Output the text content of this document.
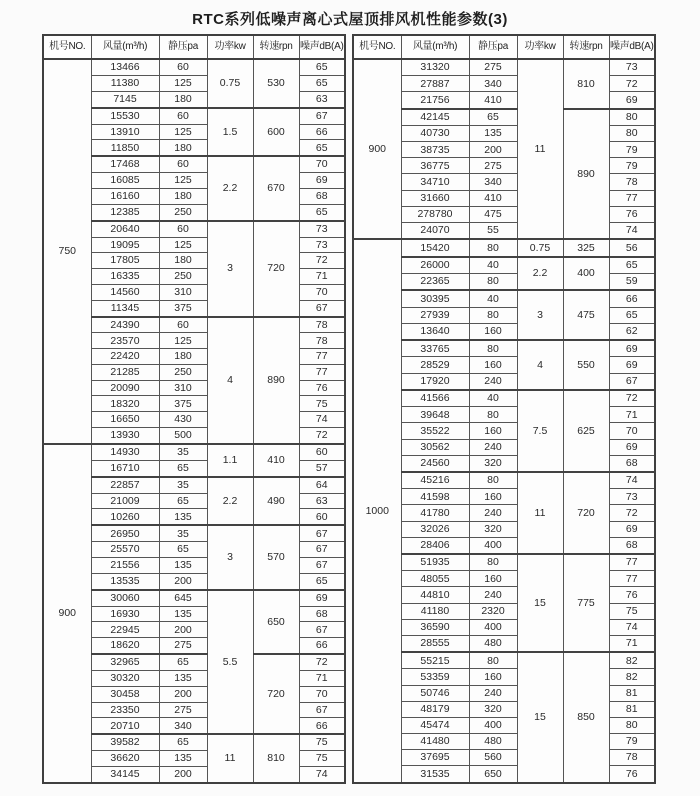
RTC系列低噪声离心式屋顶排风机性能参数(3)
机号NO.	风量(m³/h)	静压pa	功率kw	转速rpn	噪声dB(A)
750	13466	60	0.75	530	65
	11380	125			65
	7145	180			63
	15530	60	1.5	600	67
	13910	125			66
	11850	180			65
	17468	60	2.2	670	70
	16085	125			69
	16160	180			68
	12385	250			65
	20640	60	3	720	73
	19095	125			73
	17805	180			72
	16335	250			71
	14560	310			70
	11345	375			67
	24390	60	4	890	78
	23570	125			78
	22420	180			77
	21285	250			77
	20090	310			76
	18320	375			75
	16650	430			74
	13930	500			72
900	14930	35	1.1	410	60
	16710	65			57
	22857	35	2.2	490	64
	21009	65			63
	10260	135			60
	26950	35	3	570	67
	25570	65			67
	21556	135			67
	13535	200			65
	30060	645	5.5	650	69
	16930	135			68
	22945	200			67
	18620	275			66
	32965	65		720	72
	30320	135			71
	30458	200			70
	23350	275			67
	20710	340			66
	39582	65	11	810	75
	36620	135			75
	34145	200			74
机号NO.	风量(m³/h)	静压pa	功率kw	转速rpn	噪声dB(A)
900	31320	275	11	810	73
	27887	340			72
	21756	410			69
	42145	65		890	80
	40730	135			80
	38735	200			79
	36775	275			79
	34710	340			78
	31660	410			77
	278780	475			76
	24070	55			74
1000	15420	80	0.75	325	56
	26000	40	2.2	400	65
	22365	80			59
	30395	40	3	475	66
	27939	80			65
	13640	160			62
	33765	80	4	550	69
	28529	160			69
	17920	240			67
	41566	40	7.5	625	72
	39648	80			71
	35522	160			70
	30562	240			69
	24560	320			68
	45216	80	11	720	74
	41598	160			73
	41780	240			72
	32026	320			69
	28406	400			68
	51935	80	15	775	77
	48055	160			77
	44810	240			76
	41180	2320			75
	36590	400			74
	28555	480			71
	55215	80	15	850	82
	53359	160			82
	50746	240			81
	48179	320			81
	45474	400			80
	41480	480			79
	37695	560			78
	31535	650			76
